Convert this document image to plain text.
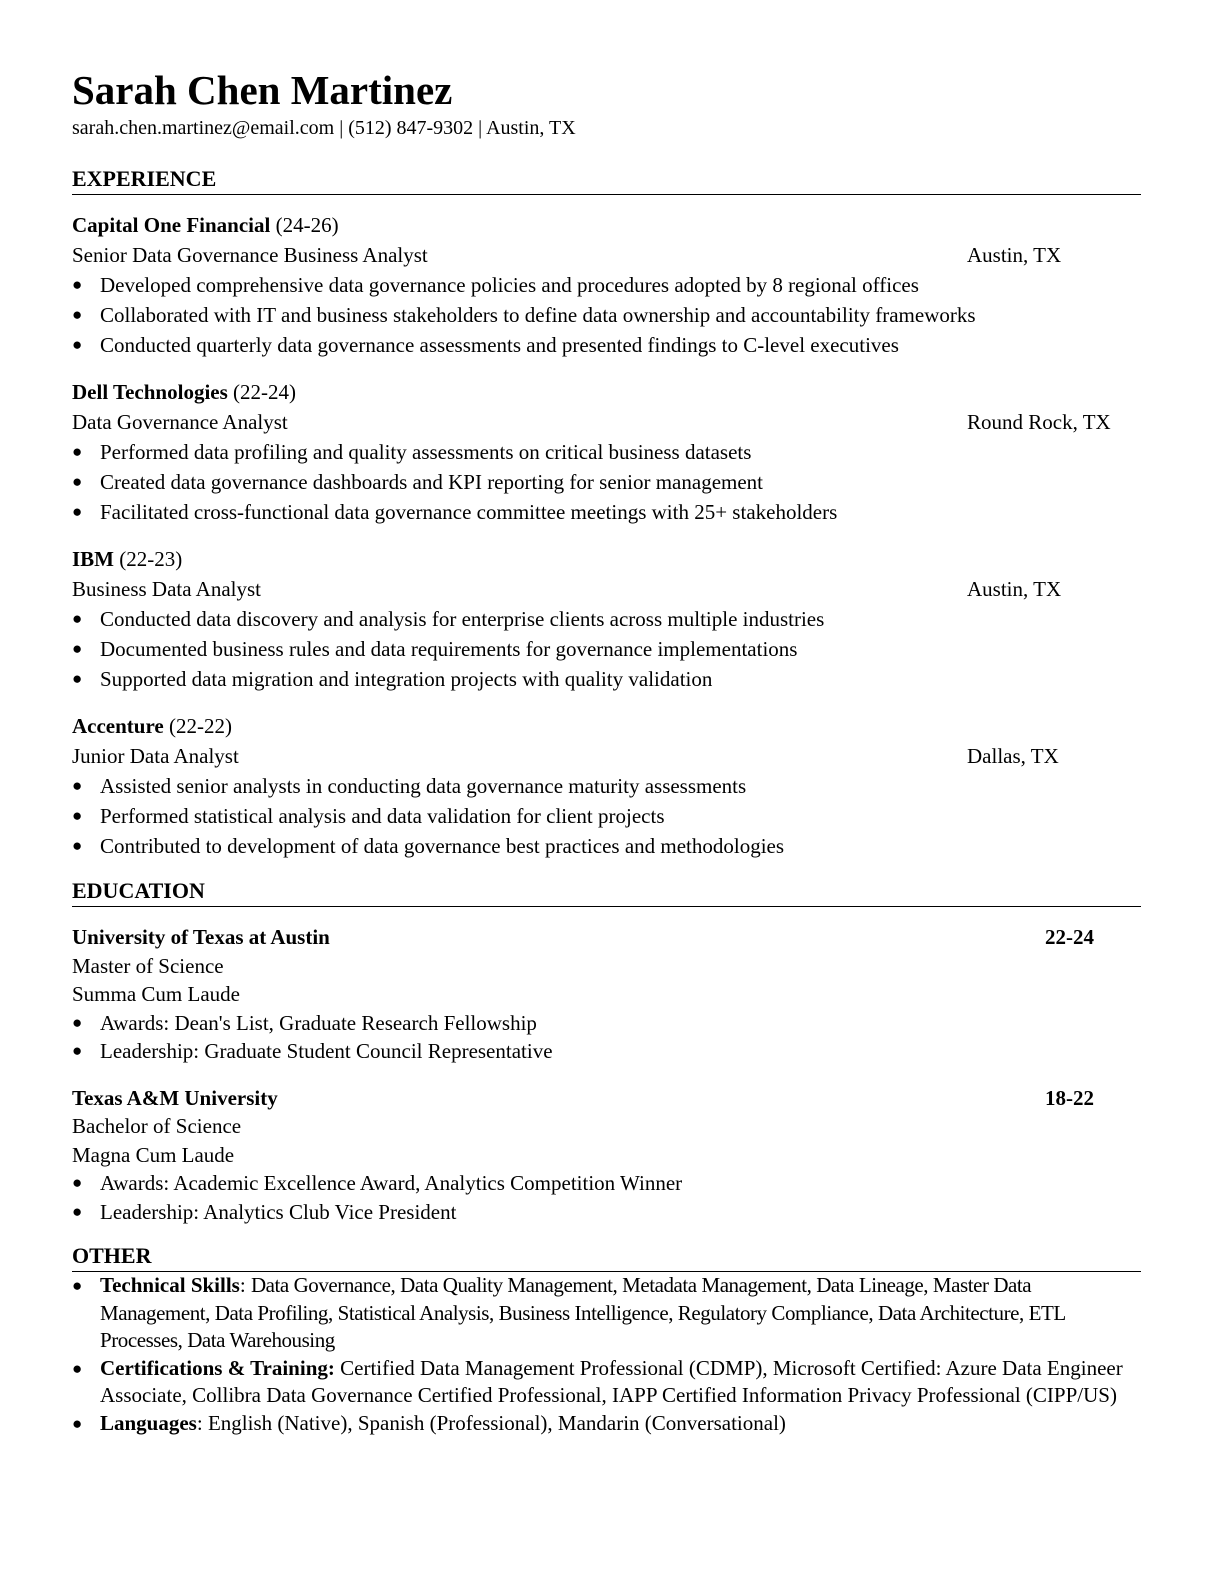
Sarah Chen Martinez
sarah.chen.martinez@email.com | (512) 847-9302 | Austin, TX
EXPERIENCE
Capital One Financial (24-26)
Senior Data Governance Business Analyst	Austin, TX
● Developed comprehensive data governance policies and procedures adopted by 8 regional offices
● Collaborated with IT and business stakeholders to define data ownership and accountability frameworks
● Conducted quarterly data governance assessments and presented findings to C-level executives
Dell Technologies (22-24)
Data Governance Analyst	Round Rock, TX
● Performed data profiling and quality assessments on critical business datasets
● Created data governance dashboards and KPI reporting for senior management
● Facilitated cross-functional data governance committee meetings with 25+ stakeholders
IBM (22-23)
Business Data Analyst	Austin, TX
● Conducted data discovery and analysis for enterprise clients across multiple industries
● Documented business rules and data requirements for governance implementations
● Supported data migration and integration projects with quality validation
Accenture (22-22)
Junior Data Analyst	Dallas, TX
● Assisted senior analysts in conducting data governance maturity assessments
● Performed statistical analysis and data validation for client projects
● Contributed to development of data governance best practices and methodologies
EDUCATION
University of Texas at Austin	22-24
Master of Science
Summa Cum Laude
● Awards: Dean's List, Graduate Research Fellowship
● Leadership: Graduate Student Council Representative
Texas A&M University	18-22
Bachelor of Science
Magna Cum Laude
● Awards: Academic Excellence Award, Analytics Competition Winner
● Leadership: Analytics Club Vice President
OTHER
● Technical Skills: Data Governance, Data Quality Management, Metadata Management, Data Lineage, Master Data Management, Data Profiling, Statistical Analysis, Business Intelligence, Regulatory Compliance, Data Architecture, ETL Processes, Data Warehousing
● Certifications & Training: Certified Data Management Professional (CDMP), Microsoft Certified: Azure Data Engineer Associate, Collibra Data Governance Certified Professional, IAPP Certified Information Privacy Professional (CIPP/US)
● Languages: English (Native), Spanish (Professional), Mandarin (Conversational)
